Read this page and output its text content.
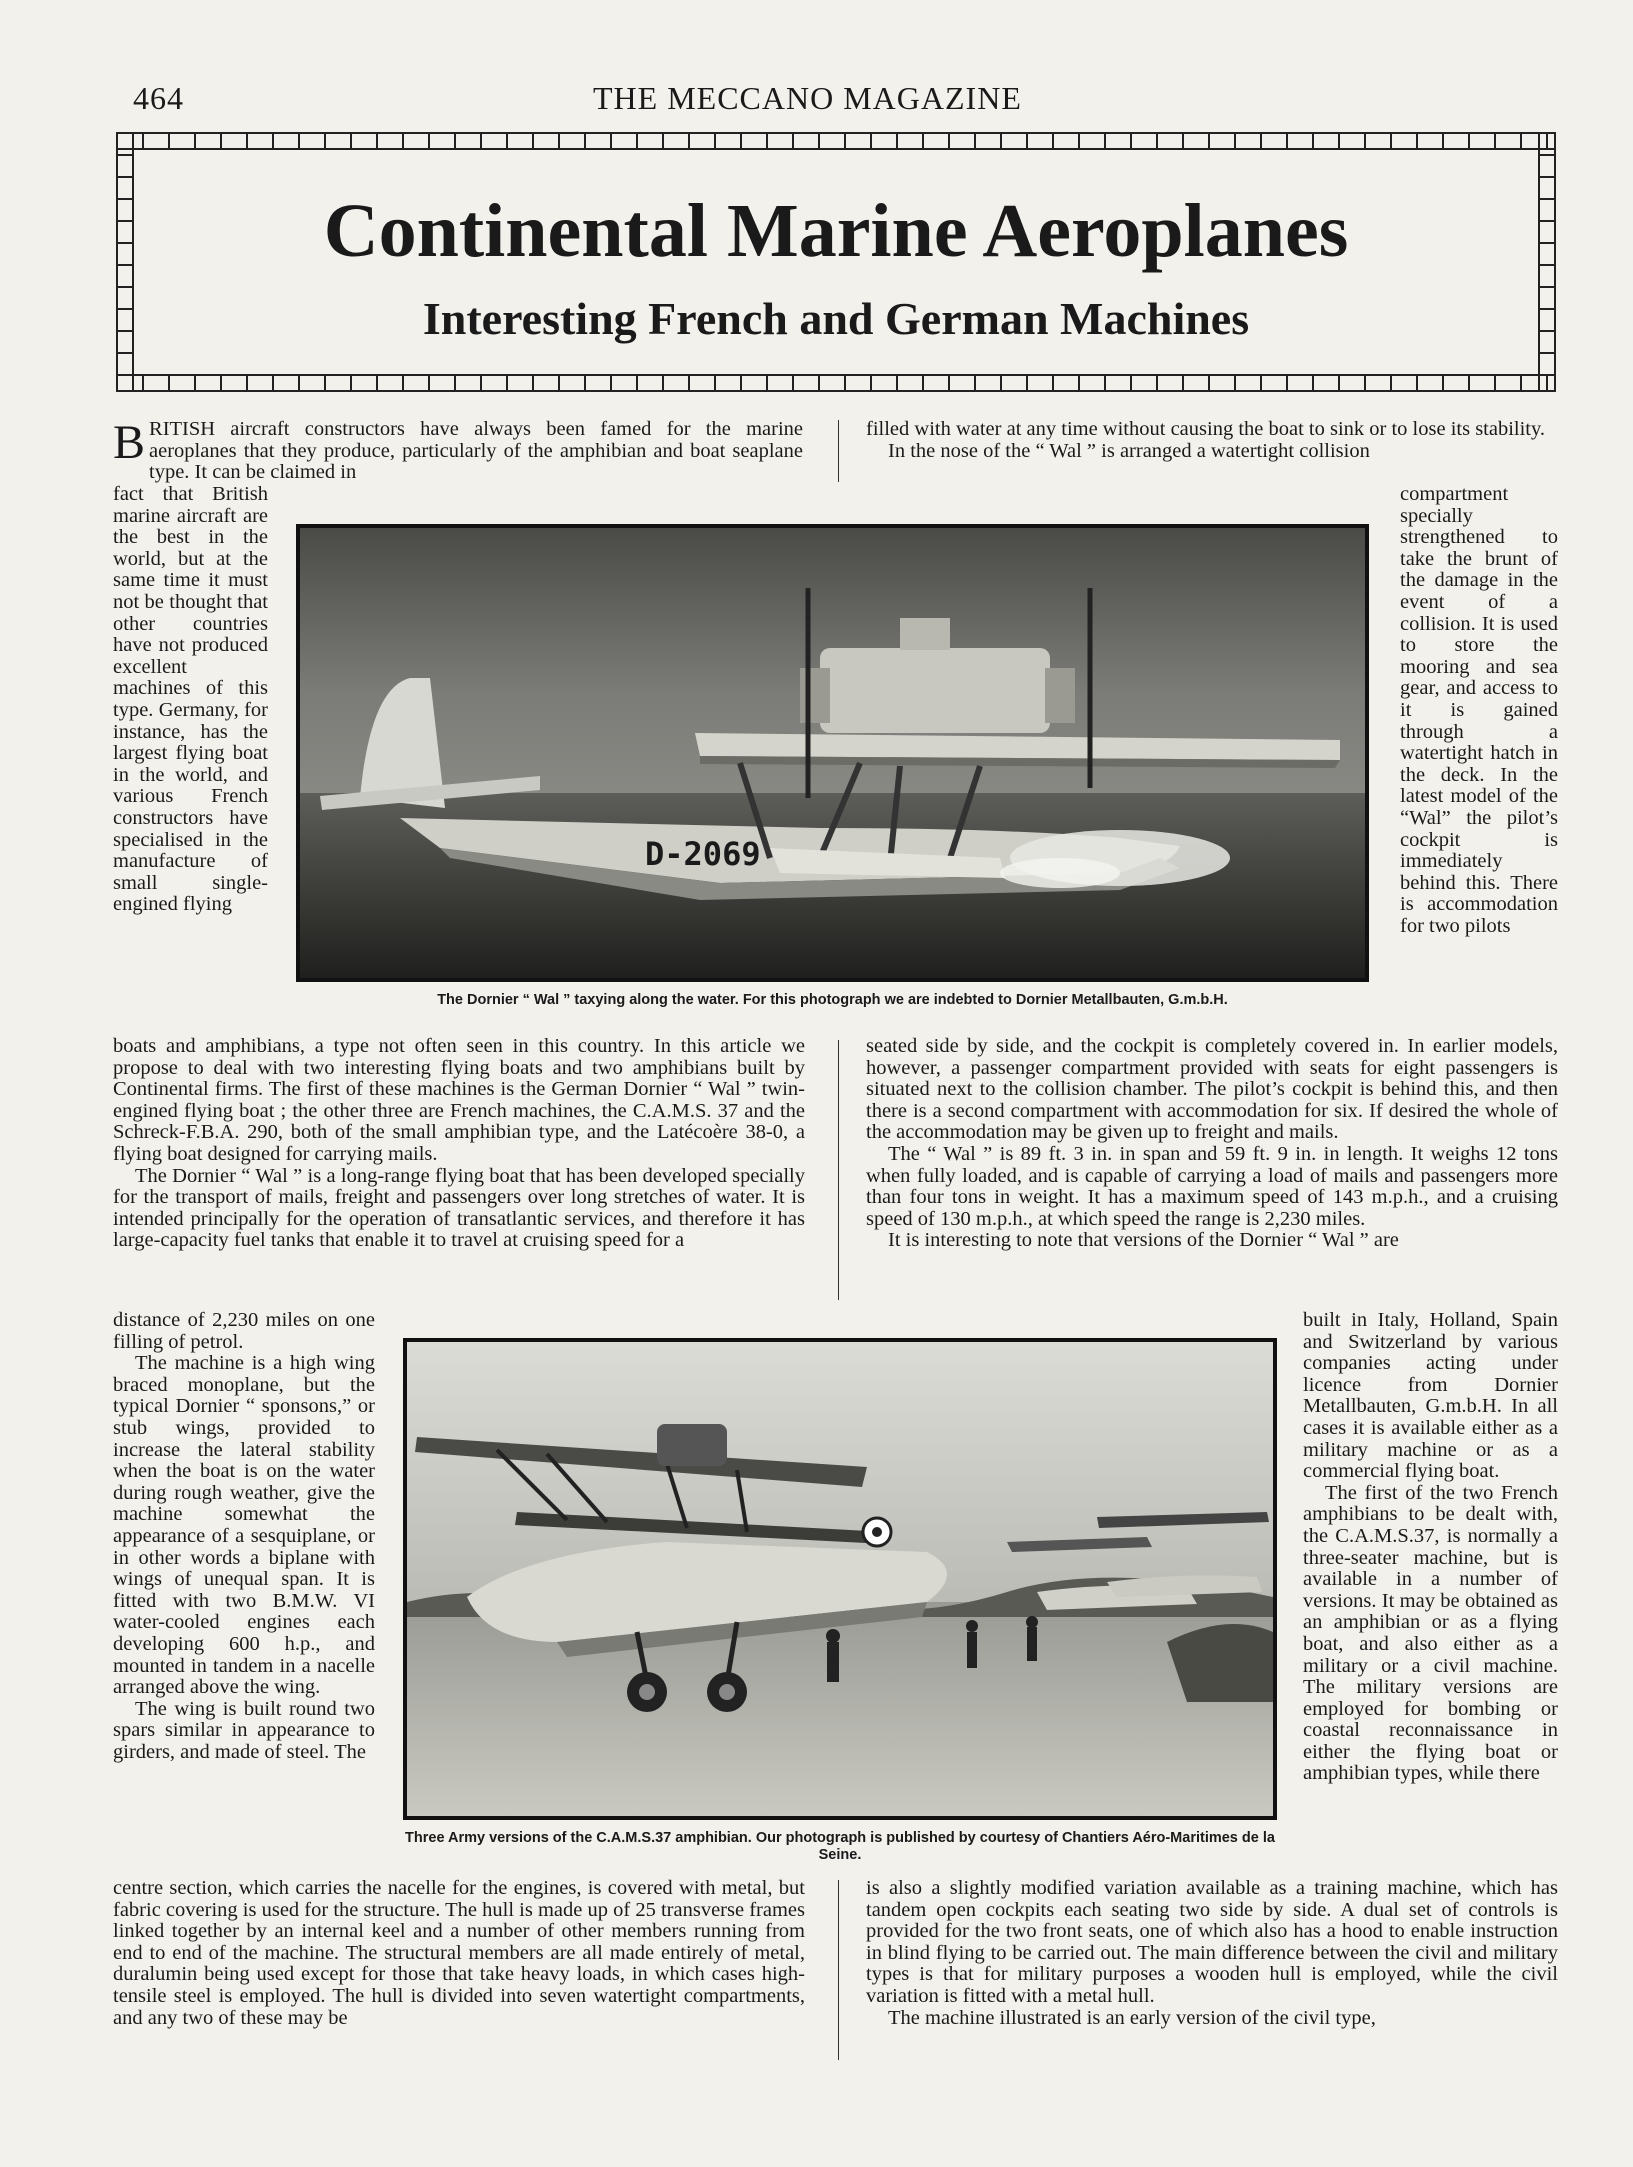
464	THE MECCANO MAGAZINE
Continental Marine Aeroplanes
Interesting French and German Machines
BRITISH aircraft constructors have always been famed for the marine aeroplanes that they produce, particularly of the amphibian and boat seaplane type. It can be claimed in

fact that British marine aircraft are the best in the world, but at the same time it must not be thought that other countries have not produced excellent machines of this type. Germany, for instance, has the largest flying boat in the world, and various French constructors have specialised in the manufacture of small single-engined flying

filled with water at any time without causing the boat to sink or to lose its stability.

In the nose of the “ Wal ” is arranged a watertight collision

compartment specially strengthened to take the brunt of the damage in the event of a collision. It is used to store the mooring and sea gear, and access to it is gained through a watertight hatch in the deck. In the latest model of the “Wal” the pilot’s cockpit is immediately behind this. There is accommodation for two pilots

D-2069
The Dornier “ Wal ” taxying along the water. For this photograph we are indebted to Dornier Metallbauten, G.m.b.H.

boats and amphibians, a type not often seen in this country. In this article we propose to deal with two interesting flying boats and two amphibians built by Continental firms. The first of these machines is the German Dornier “ Wal ” twin-engined flying boat ; the other three are French machines, the C.A.M.S. 37 and the Schreck-F.B.A. 290, both of the small amphibian type, and the Latécoère 38-0, a flying boat designed for carrying mails.

The Dornier “ Wal ” is a long-range flying boat that has been developed specially for the transport of mails, freight and passengers over long stretches of water. It is intended principally for the operation of transatlantic services, and therefore it has large-capacity fuel tanks that enable it to travel at cruising speed for a

seated side by side, and the cockpit is completely covered in. In earlier models, however, a passenger compartment provided with seats for eight passengers is situated next to the collision chamber. The pilot’s cockpit is behind this, and then there is a second compartment with accommodation for six. If desired the whole of the accommodation may be given up to freight and mails.

The “ Wal ” is 89 ft. 3 in. in span and 59 ft. 9 in. in length. It weighs 12 tons when fully loaded, and is capable of carrying a load of mails and passengers more than four tons in weight. It has a maximum speed of 143 m.p.h., and a cruising speed of 130 m.p.h., at which speed the range is 2,230 miles.

It is interesting to note that versions of the Dornier “ Wal ” are

distance of 2,230 miles on one filling of petrol.

The machine is a high wing braced monoplane, but the typical Dornier “ sponsons,” or stub wings, provided to increase the lateral stability when the boat is on the water during rough weather, give the machine somewhat the appearance of a sesquiplane, or in other words a biplane with wings of unequal span. It is fitted with two B.M.W. VI water-cooled engines each developing 600 h.p., and mounted in tandem in a nacelle arranged above the wing.

The wing is built round two spars similar in appearance to girders, and made of steel. The

built in Italy, Holland, Spain and Switzerland by various companies acting under licence from Dornier Metallbauten, G.m.b.H. In all cases it is available either as a military machine or as a commercial flying boat.

The first of the two French amphibians to be dealt with, the C.A.M.S.37, is normally a three-seater machine, but is available in a number of versions. It may be obtained as an amphibian or as a flying boat, and also either as a military or a civil machine. The military versions are employed for bombing or coastal reconnaissance in either the flying boat or amphibian types, while there

Three Army versions of the C.A.M.S.37 amphibian. Our photograph is published by courtesy of Chantiers Aéro-Maritimes de la Seine.

centre section, which carries the nacelle for the engines, is covered with metal, but fabric covering is used for the structure. The hull is made up of 25 transverse frames linked together by an internal keel and a number of other members running from end to end of the machine. The structural members are all made entirely of metal, duralumin being used except for those that take heavy loads, in which cases high-tensile steel is employed. The hull is divided into seven watertight compartments, and any two of these may be

is also a slightly modified variation available as a training machine, which has tandem open cockpits each seating two side by side. A dual set of controls is provided for the two front seats, one of which also has a hood to enable instruction in blind flying to be carried out. The main difference between the civil and military types is that for military purposes a wooden hull is employed, while the civil variation is fitted with a metal hull.

The machine illustrated is an early version of the civil type,
